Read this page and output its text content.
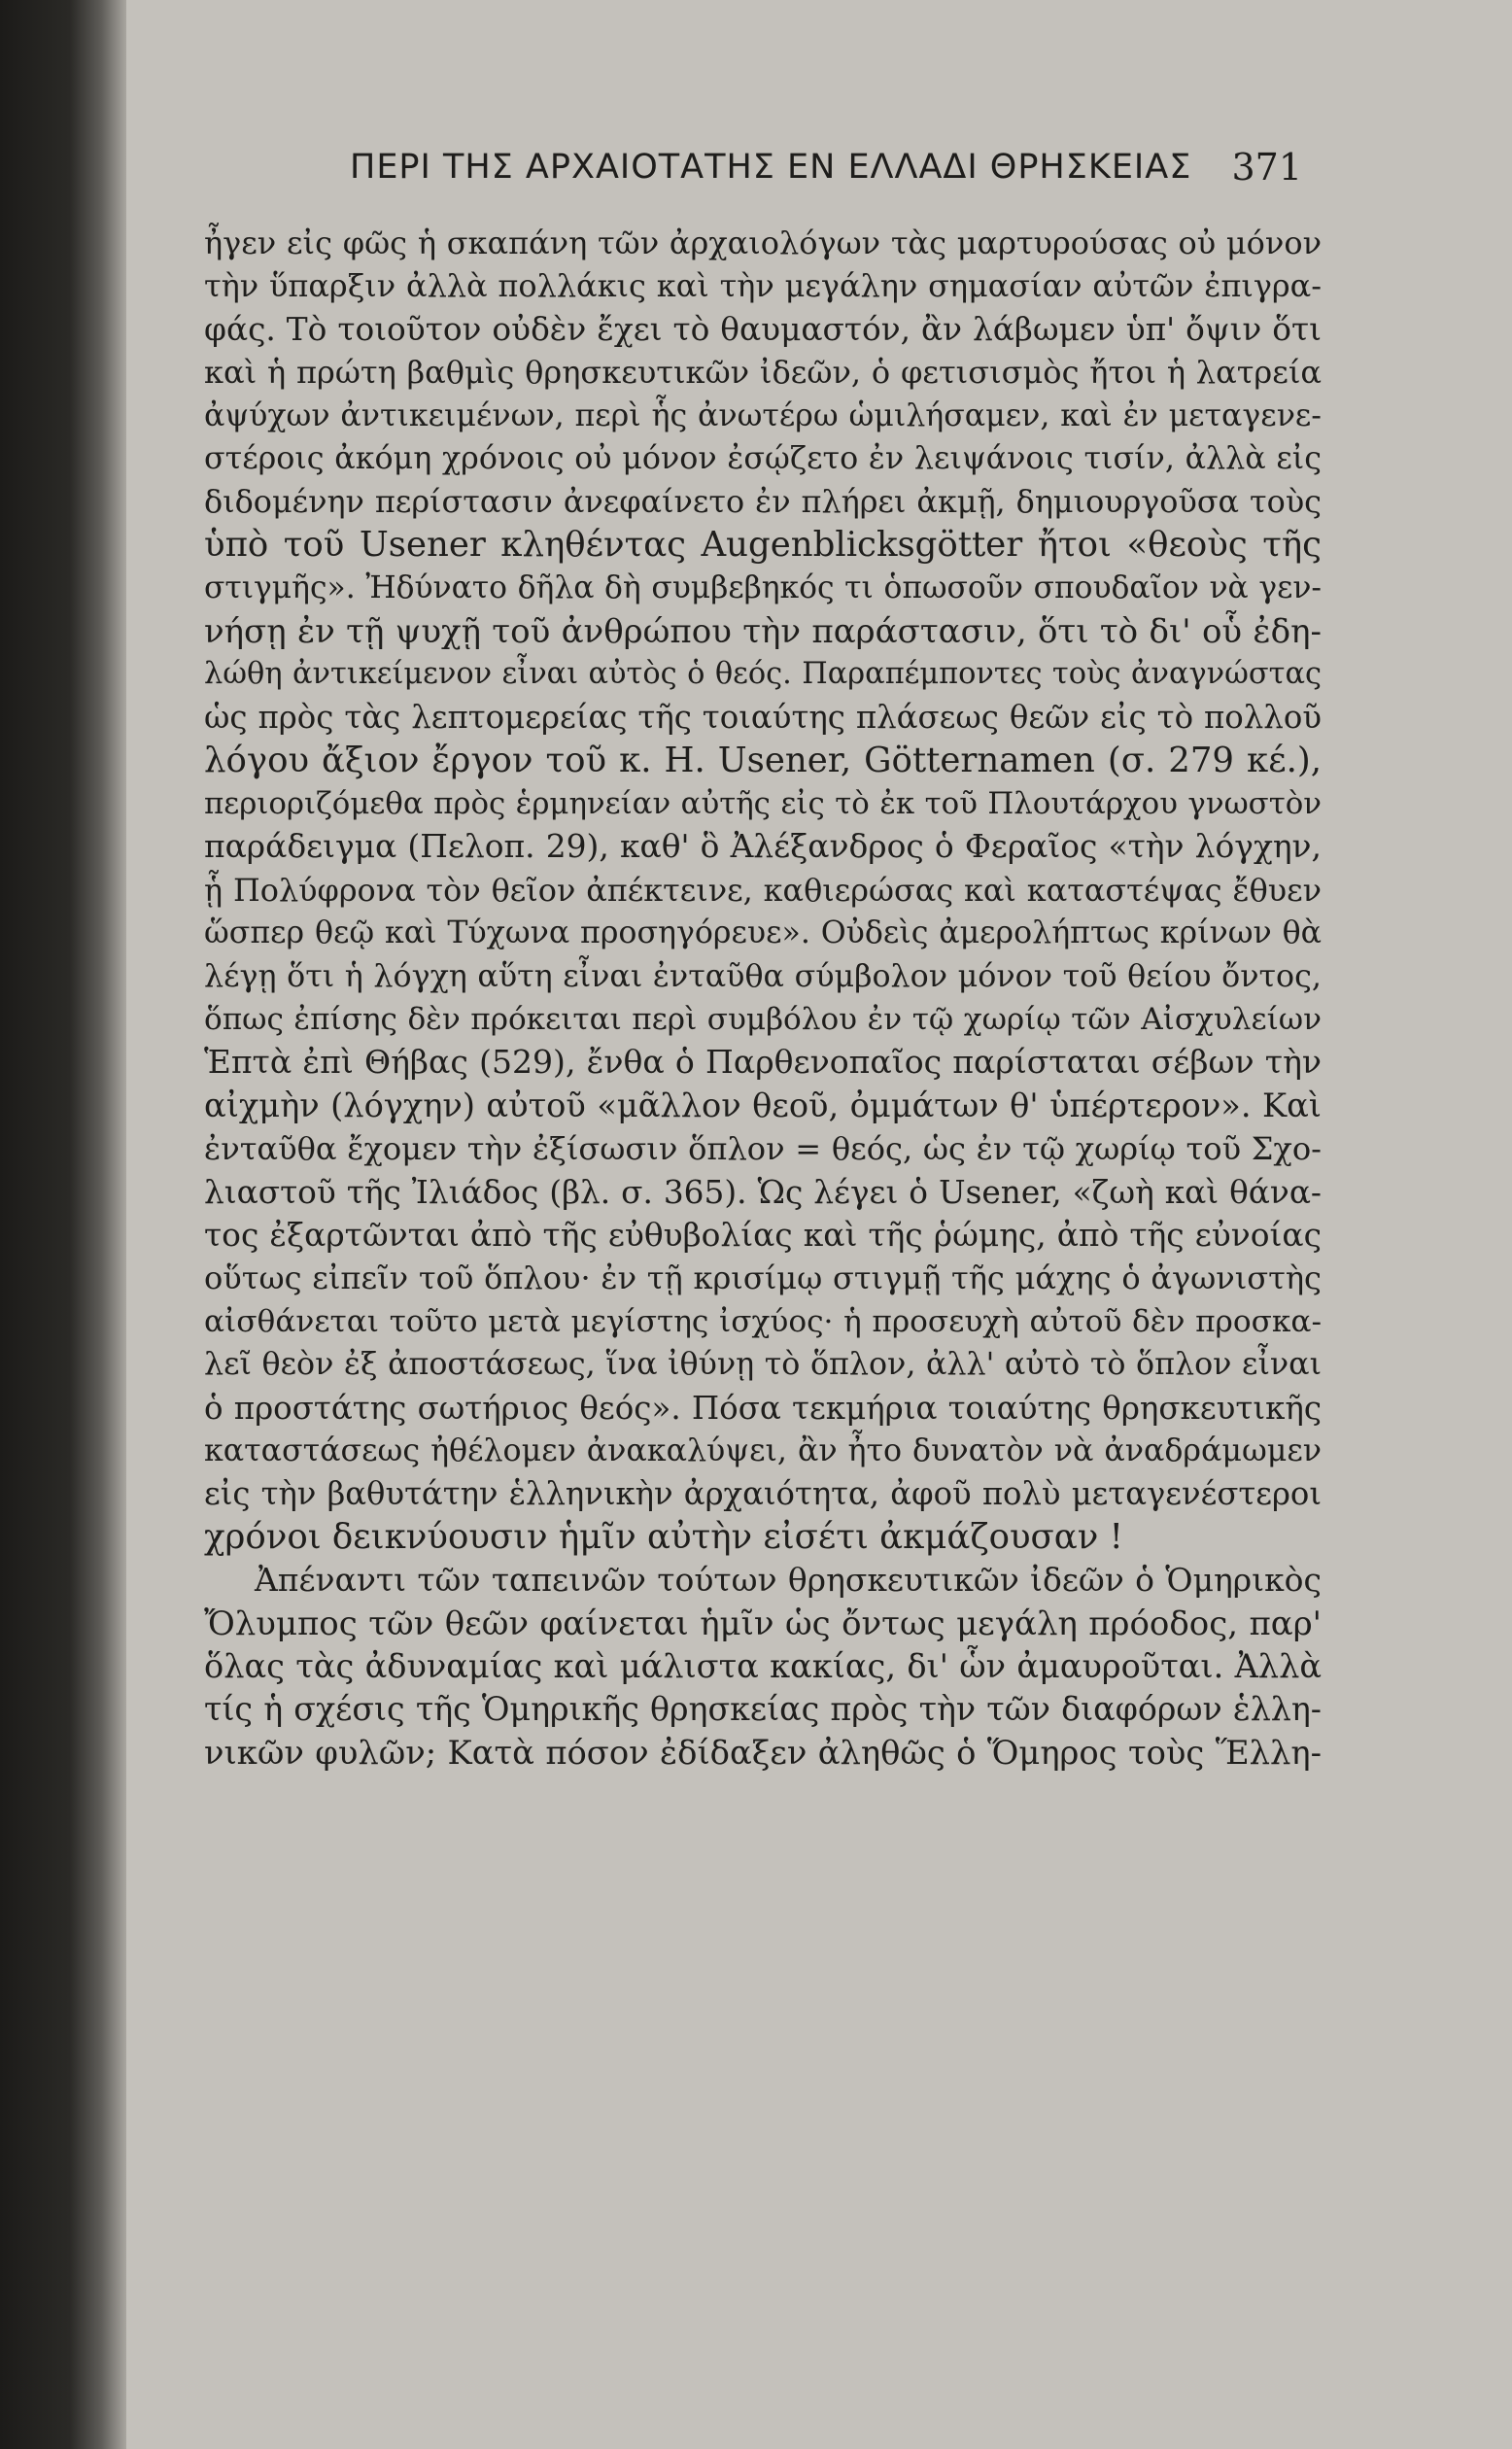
ΠΕΡΙ ΤΗΣ ΑΡΧΑΙΟΤΑΤΗΣ ΕΝ ΕΛΛΑΔΙ ΘΡΗΣΚΕΙΑΣ 371
ἦγεν εἰς φῶς ἡ σκαπάνη τῶν ἀρχαιολόγων τὰς μαρτυρούσας οὐ μόνον
τὴν ὕπαρξιν ἀλλὰ πολλάκις καὶ τὴν μεγάλην σημασίαν αὐτῶν ἐπιγρα-
φάς. Τὸ τοιοῦτον οὐδὲν ἔχει τὸ θαυμαστόν, ἂν λάβωμεν ὑπ' ὄψιν ὅτι
καὶ ἡ πρώτη βαθμὶς θρησκευτικῶν ἰδεῶν, ὁ φετισισμὸς ἤτοι ἡ λατρεία
ἀψύχων ἀντικειμένων, περὶ ἧς ἀνωτέρω ὡμιλήσαμεν, καὶ ἐν μεταγενε-
στέροις ἀκόμη χρόνοις οὐ μόνον ἐσῴζετο ἐν λειψάνοις τισίν, ἀλλὰ εἰς
διδομένην περίστασιν ἀνεφαίνετο ἐν πλήρει ἀκμῇ, δημιουργοῦσα τοὺς
ὑπὸ τοῦ Usener κληθέντας Augenblicksgötter ἤτοι «θεοὺς τῆς
στιγμῆς». Ἠδύνατο δῆλα δὴ συμβεβηκός τι ὁπωσοῦν σπουδαῖον νὰ γεν-
νήσῃ ἐν τῇ ψυχῇ τοῦ ἀνθρώπου τὴν παράστασιν, ὅτι τὸ δι' οὗ ἐδη-
λώθη ἀντικείμενον εἶναι αὐτὸς ὁ θεός. Παραπέμποντες τοὺς ἀναγνώστας
ὡς πρὸς τὰς λεπτομερείας τῆς τοιαύτης πλάσεως θεῶν εἰς τὸ πολλοῦ
λόγου ἄξιον ἔργον τοῦ κ. H. Usener, Götternamen (σ. 279 κέ.),
περιοριζόμεθα πρὸς ἑρμηνείαν αὐτῆς εἰς τὸ ἐκ τοῦ Πλουτάρχου γνωστὸν
παράδειγμα (Πελοπ. 29), καθ' ὃ Ἀλέξανδρος ὁ Φεραῖος «τὴν λόγχην,
ᾗ Πολύφρονα τὸν θεῖον ἀπέκτεινε, καθιερώσας καὶ καταστέψας ἔθυεν
ὥσπερ θεῷ καὶ Τύχωνα προσηγόρευε». Οὐδεὶς ἀμερολήπτως κρίνων θὰ
λέγῃ ὅτι ἡ λόγχη αὕτη εἶναι ἐνταῦθα σύμβολον μόνον τοῦ θείου ὄντος,
ὅπως ἐπίσης δὲν πρόκειται περὶ συμβόλου ἐν τῷ χωρίῳ τῶν Αἰσχυλείων
Ἑπτὰ ἐπὶ Θήβας (529), ἔνθα ὁ Παρθενοπαῖος παρίσταται σέβων τὴν
αἰχμὴν (λόγχην) αὐτοῦ «μᾶλλον θεοῦ, ὀμμάτων θ' ὑπέρτερον». Καὶ
ἐνταῦθα ἔχομεν τὴν ἐξίσωσιν ὅπλον = θεός, ὡς ἐν τῷ χωρίῳ τοῦ Σχο-
λιαστοῦ τῆς Ἰλιάδος (βλ. σ. 365). Ὡς λέγει ὁ Usener, «ζωὴ καὶ θάνα-
τος ἐξαρτῶνται ἀπὸ τῆς εὐθυβολίας καὶ τῆς ῥώμης, ἀπὸ τῆς εὐνοίας
οὕτως εἰπεῖν τοῦ ὅπλου· ἐν τῇ κρισίμῳ στιγμῇ τῆς μάχης ὁ ἀγωνιστὴς
αἰσθάνεται τοῦτο μετὰ μεγίστης ἰσχύος· ἡ προσευχὴ αὐτοῦ δὲν προσκα-
λεῖ θεὸν ἐξ ἀποστάσεως, ἵνα ἰθύνῃ τὸ ὅπλον, ἀλλ' αὐτὸ τὸ ὅπλον εἶναι
ὁ προστάτης σωτήριος θεός». Πόσα τεκμήρια τοιαύτης θρησκευτικῆς
καταστάσεως ἠθέλομεν ἀνακαλύψει, ἂν ἦτο δυνατὸν νὰ ἀναδράμωμεν
εἰς τὴν βαθυτάτην ἑλληνικὴν ἀρχαιότητα, ἀφοῦ πολὺ μεταγενέστεροι
χρόνοι δεικνύουσιν ἡμῖν αὐτὴν εἰσέτι ἀκμάζουσαν !
Ἀπέναντι τῶν ταπεινῶν τούτων θρησκευτικῶν ἰδεῶν ὁ Ὁμηρικὸς
Ὄλυμπος τῶν θεῶν φαίνεται ἡμῖν ὡς ὄντως μεγάλη πρόοδος, παρ'
ὅλας τὰς ἀδυναμίας καὶ μάλιστα κακίας, δι' ὧν ἀμαυροῦται. Ἀλλὰ
τίς ἡ σχέσις τῆς Ὁμηρικῆς θρησκείας πρὸς τὴν τῶν διαφόρων ἑλλη-
νικῶν φυλῶν; Κατὰ πόσον ἐδίδαξεν ἀληθῶς ὁ Ὅμηρος τοὺς Ἕλλη-
